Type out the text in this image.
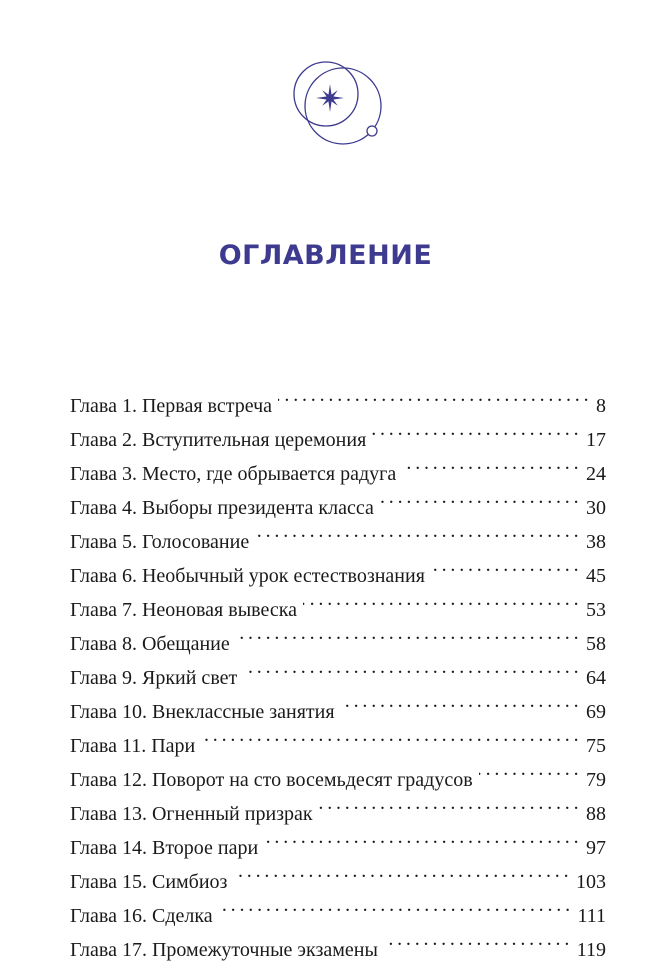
ОГЛАВЛЕНИЕ
Глава 1. Первая встреча . . .	8
Глава 2. Вступительная церемония . . .	17
Глава 3. Место, где обрывается радуга . . .	24
Глава 4. Выборы президента класса . . .	30
Глава 5. Голосование . . .	38
Глава 6. Необычный урок естествознания . . .	45
Глава 7. Неоновая вывеска . . .	53
Глава 8. Обещание . . .	58
Глава 9. Яркий свет . . .	64
Глава 10. Внеклассные занятия . . .	69
Глава 11. Пари . . .	75
Глава 12. Поворот на сто восемьдесят градусов . . .	79
Глава 13. Огненный призрак . . .	88
Глава 14. Второе пари . . .	97
Глава 15. Симбиоз . . .	103
Глава 16. Сделка . . .	111
Глава 17. Промежуточные экзамены . . .	119
